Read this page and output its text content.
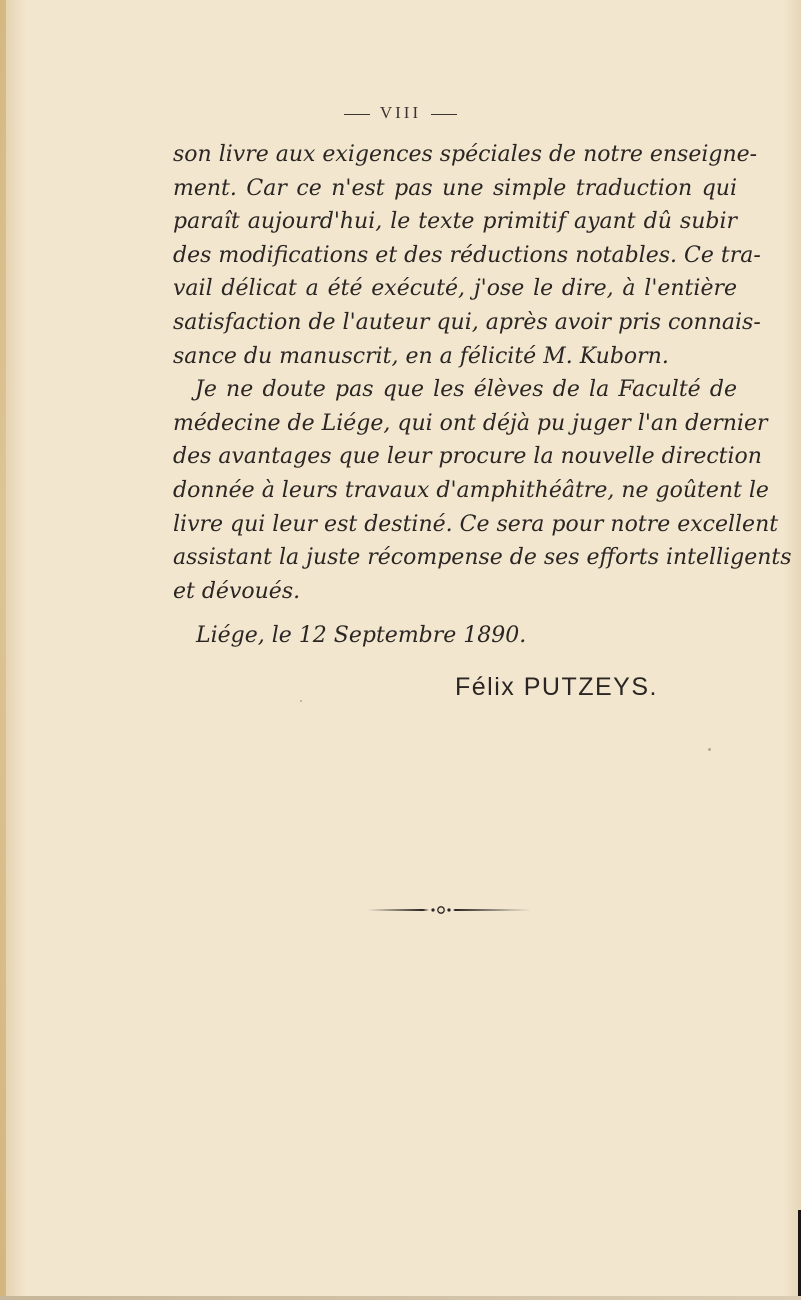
VIII
son livre aux exigences spéciales de notre enseigne-
ment. Car ce n'est pas une simple traduction qui
paraît aujourd'hui, le texte primitif ayant dû subir
des modifications et des réductions notables. Ce tra-
vail délicat a été exécuté, j'ose le dire, à l'entière
satisfaction de l'auteur qui, après avoir pris connais-
sance du manuscrit, en a félicité M. Kuborn.
Je ne doute pas que les élèves de la Faculté de
médecine de Liége, qui ont déjà pu juger l'an dernier
des avantages que leur procure la nouvelle direction
donnée à leurs travaux d'amphithéâtre, ne goûtent le
livre qui leur est destiné. Ce sera pour notre excellent
assistant la juste récompense de ses efforts intelligents
et dévoués.
Liége, le 12 Septembre 1890.
Félix PUTZEYS.
